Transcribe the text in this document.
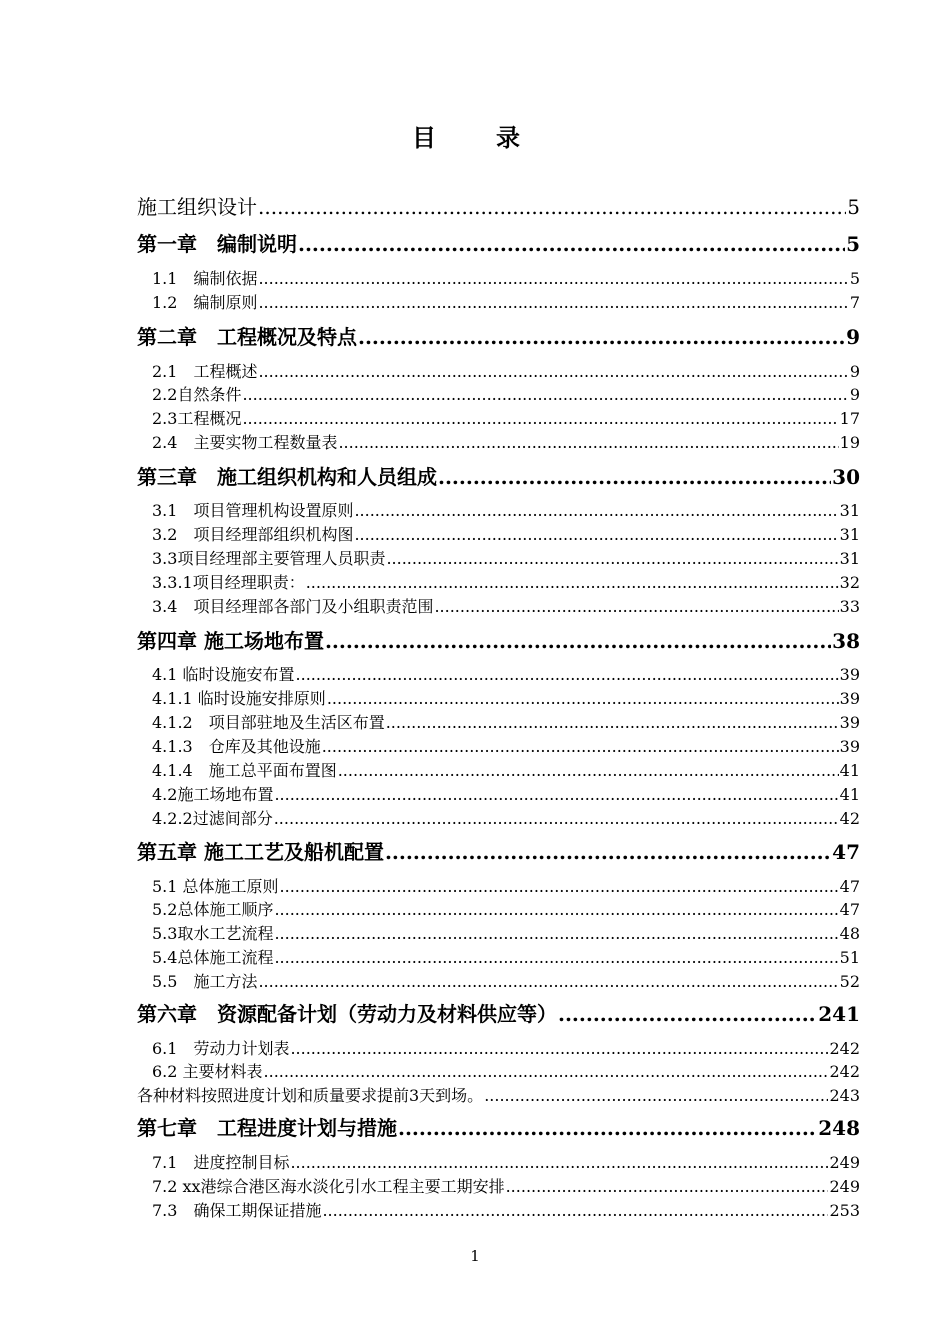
目　录
施工组织设计 .....	5
第一章　编制说明 .....	5
1.1　编制依据 .....	5
1.2　编制原则 .....	7
第二章　工程概况及特点 .....	9
2.1　工程概述 .....	9
2.2自然条件 .....	9
2.3工程概况 .....	17
2.4　主要实物工程数量表 .....	19
第三章　施工组织机构和人员组成 .....	30
3.1　项目管理机构设置原则 .....	31
3.2　项目经理部组织机构图 .....	31
3.3项目经理部主要管理人员职责 .....	31
3.3.1项目经理职责： .....	32
3.4　项目经理部各部门及小组职责范围 .....	33
第四章 施工场地布置 .....	38
4.1 临时设施安布置 .....	39
4.1.1 临时设施安排原则 .....	39
4.1.2　项目部驻地及生活区布置 .....	39
4.1.3　仓库及其他设施 .....	39
4.1.4　施工总平面布置图 .....	41
4.2施工场地布置 .....	41
4.2.2过滤间部分 .....	42
第五章 施工工艺及船机配置 .....	47
5.1 总体施工原则 .....	47
5.2总体施工顺序 .....	47
5.3取水工艺流程 .....	48
5.4总体施工流程 .....	51
5.5　施工方法 .....	52
第六章　资源配备计划（劳动力及材料供应等） .....	241
6.1　劳动力计划表 .....	242
6.2 主要材料表 .....	242
各种材料按照进度计划和质量要求提前3天到场。 .....	243
第七章　工程进度计划与措施 .....	248
7.1　进度控制目标 .....	249
7.2 xx港综合港区海水淡化引水工程主要工期安排 .....	249
7.3　确保工期保证措施 .....	253
1
